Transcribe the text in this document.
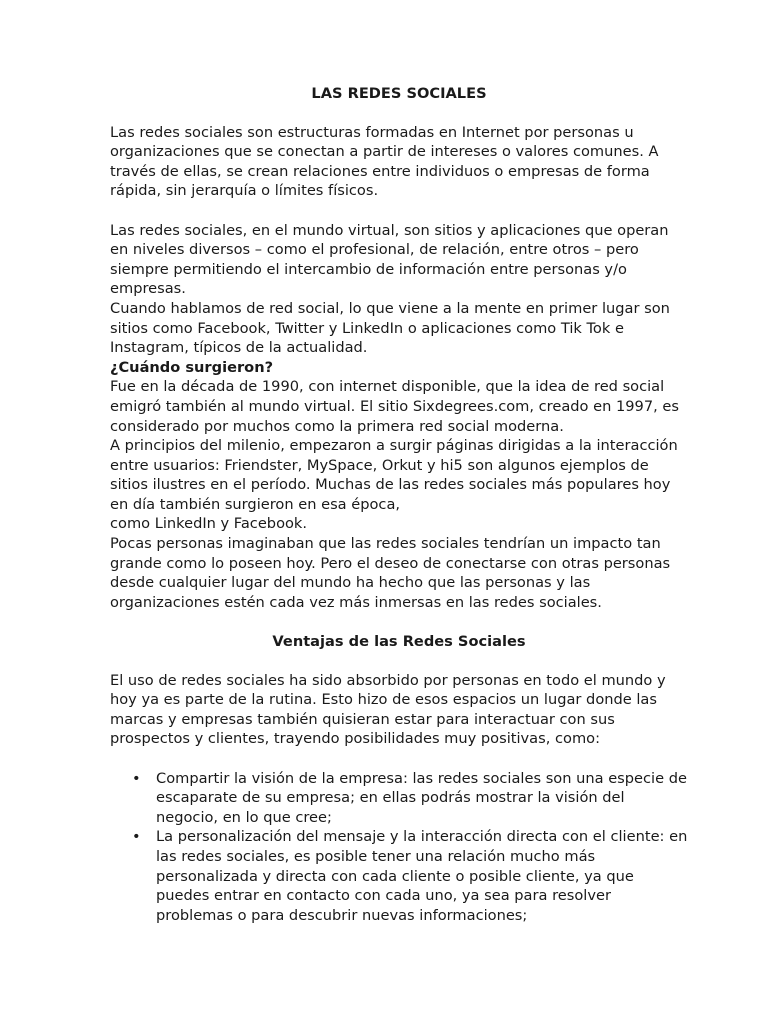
LAS REDES SOCIALES

Las redes sociales son estructuras formadas en Internet por personas u organizaciones que se conectan a partir de intereses o valores comunes. A través de ellas, se crean relaciones entre individuos o empresas de forma rápida, sin jerarquía o límites físicos.

Las redes sociales, en el mundo virtual, son sitios y aplicaciones que operan en niveles diversos – como el profesional, de relación, entre otros – pero siempre permitiendo el intercambio de información entre personas y/o empresas.

Cuando hablamos de red social, lo que viene a la mente en primer lugar son sitios como Facebook, Twitter y LinkedIn o aplicaciones como Tik Tok e Instagram, típicos de la actualidad.

¿Cuándo surgieron?

Fue en la década de 1990, con internet disponible, que la idea de red social emigró también al mundo virtual. El sitio Sixdegrees.com, creado en 1997, es considerado por muchos como la primera red social moderna.

A principios del milenio, empezaron a surgir páginas dirigidas a la interacción entre usuarios: Friendster, MySpace, Orkut y hi5 son algunos ejemplos de sitios ilustres en el período. Muchas de las redes sociales más populares hoy en día también surgieron en esa época,

como LinkedIn y Facebook.

Pocas personas imaginaban que las redes sociales tendrían un impacto tan grande como lo poseen hoy. Pero el deseo de conectarse con otras personas desde cualquier lugar del mundo ha hecho que las personas y las organizaciones estén cada vez más inmersas en las redes sociales.

Ventajas de las Redes Sociales

El uso de redes sociales ha sido absorbido por personas en todo el mundo y hoy ya es parte de la rutina. Esto hizo de esos espacios un lugar donde las marcas y empresas también quisieran estar para interactuar con sus prospectos y clientes, trayendo posibilidades muy positivas, como:

• Compartir la visión de la empresa: las redes sociales son una especie de escaparate de su empresa; en ellas podrás mostrar la visión del negocio, en lo que cree;
• La personalización del mensaje y la interacción directa con el cliente: en las redes sociales, es posible tener una relación mucho más personalizada y directa con cada cliente o posible cliente, ya que puedes entrar en contacto con cada uno, ya sea para resolver problemas o para descubrir nuevas informaciones;
